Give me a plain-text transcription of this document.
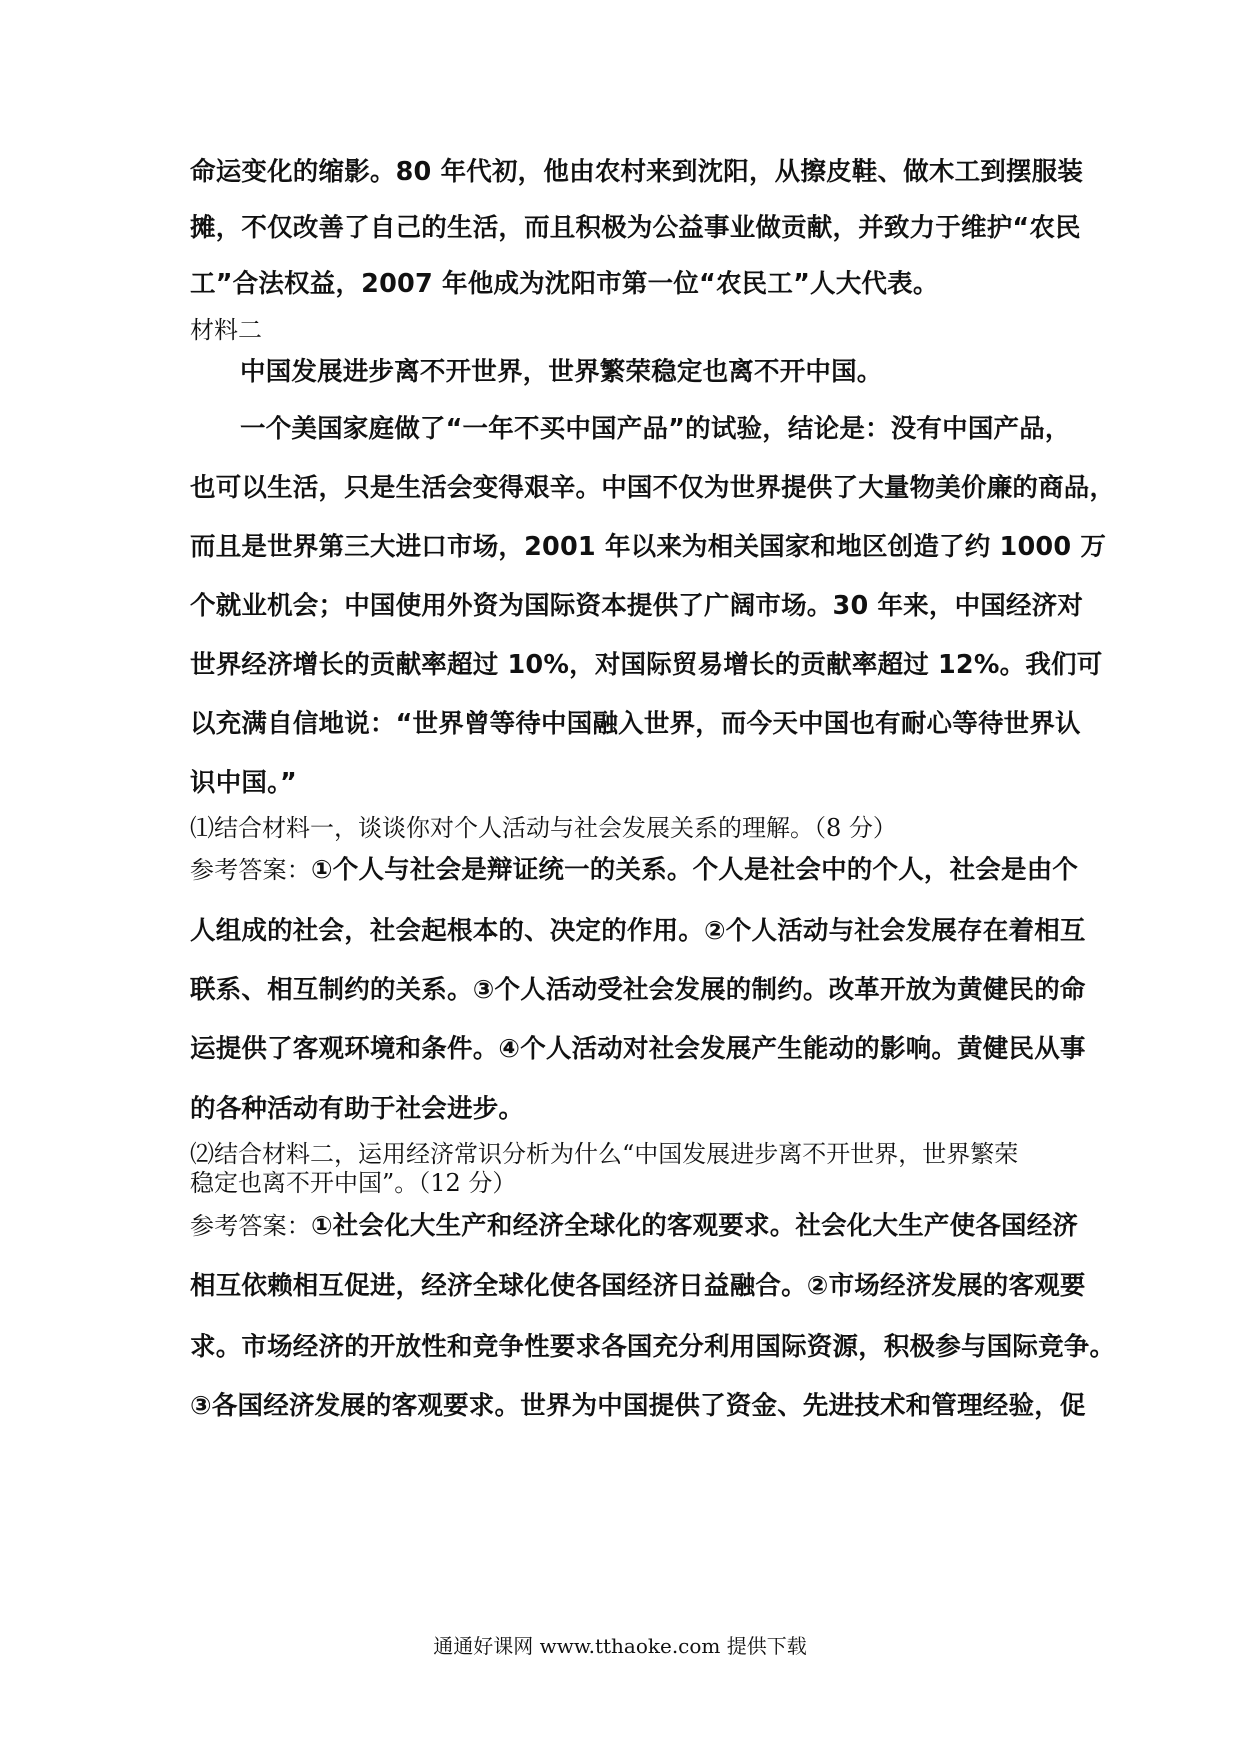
命运变化的缩影。80 年代初，他由农村来到沈阳，从擦皮鞋、做木工到摆服装
摊，不仅改善了自己的生活，而且积极为公益事业做贡献，并致力于维护“农民
工”合法权益，2007 年他成为沈阳市第一位“农民工”人大代表。
材料二
中国发展进步离不开世界，世界繁荣稳定也离不开中国。
一个美国家庭做了“一年不买中国产品”的试验，结论是：没有中国产品，
也可以生活，只是生活会变得艰辛。中国不仅为世界提供了大量物美价廉的商品，
而且是世界第三大进口市场，2001 年以来为相关国家和地区创造了约 1000 万
个就业机会；中国使用外资为国际资本提供了广阔市场。30 年来，中国经济对
世界经济增长的贡献率超过 10%，对国际贸易增长的贡献率超过 12%。我们可
以充满自信地说：“世界曾等待中国融入世界，而今天中国也有耐心等待世界认
识中国。”
⑴结合材料一，谈谈你对个人活动与社会发展关系的理解。（8 分）
参考答案：①个人与社会是辩证统一的关系。个人是社会中的个人，社会是由个
人组成的社会，社会起根本的、决定的作用。②个人活动与社会发展存在着相互
联系、相互制约的关系。③个人活动受社会发展的制约。改革开放为黄健民的命
运提供了客观环境和条件。④个人活动对社会发展产生能动的影响。黄健民从事
的各种活动有助于社会进步。
⑵结合材料二，运用经济常识分析为什么“中国发展进步离不开世界，世界繁荣
稳定也离不开中国”。（12 分）
参考答案：①社会化大生产和经济全球化的客观要求。社会化大生产使各国经济
相互依赖相互促进，经济全球化使各国经济日益融合。②市场经济发展的客观要
求。市场经济的开放性和竞争性要求各国充分利用国际资源，积极参与国际竞争。
③各国经济发展的客观要求。世界为中国提供了资金、先进技术和管理经验，促
通通好课网 www.tthaoke.com 提供下载
